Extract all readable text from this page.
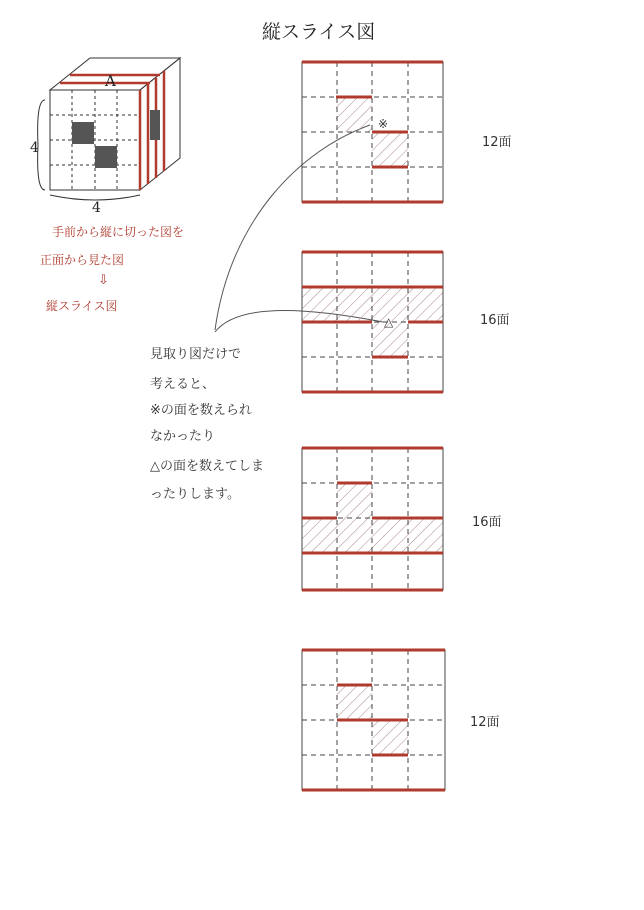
縦スライス図
A
4
4
手前から縦に切った図を
正面から見た図
⇩
縦スライス図
見取り図だけで
考えると、
※の面を数えられ
なかったり
△の面を数えてしま
ったりします。
※
12面
△	16面
16面
12面
